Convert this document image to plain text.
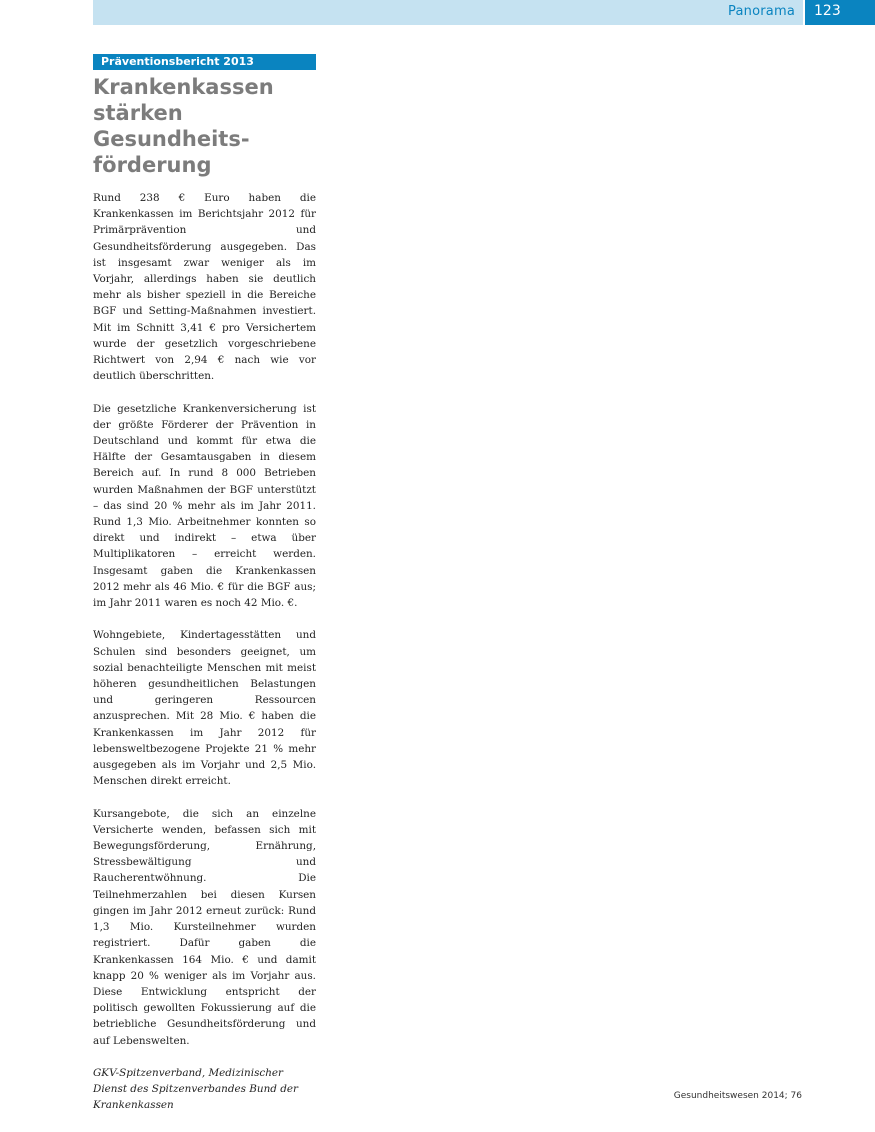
Panorama 123
Präventionsbericht 2013
Krankenkassen
stärken Gesundheits-
förderung

Rund 238 € Euro haben die Krankenkassen im Berichtsjahr 2012 für Primärprävention und Gesundheitsförderung ausgegeben. Das ist insgesamt zwar weniger als im Vorjahr, allerdings haben sie deutlich mehr als bisher speziell in die Bereiche BGF und Setting-Maßnahmen investiert. Mit im Schnitt 3,41 € pro Versichertem wurde der gesetzlich vorgeschriebene Richtwert von 2,94 € nach wie vor deutlich überschritten.

Die gesetzliche Krankenversicherung ist der größte Förderer der Prävention in Deutschland und kommt für etwa die Hälfte der Gesamtausgaben in diesem Bereich auf. In rund 8 000 Betrieben wurden Maßnahmen der BGF unterstützt – das sind 20 % mehr als im Jahr 2011. Rund 1,3 Mio. Arbeitnehmer konnten so direkt und indirekt – etwa über Multiplikatoren – erreicht werden. Insgesamt gaben die Krankenkassen 2012 mehr als 46 Mio. € für die BGF aus; im Jahr 2011 waren es noch 42 Mio. €.

Wohngebiete, Kindertagesstätten und Schulen sind besonders geeignet, um sozial benachteiligte Menschen mit meist höheren gesundheitlichen Belastungen und geringeren Ressourcen anzusprechen. Mit 28 Mio. € haben die Krankenkassen im Jahr 2012 für lebensweltbezogene Projekte 21 % mehr ausgegeben als im Vorjahr und 2,5 Mio. Menschen direkt erreicht.

Kursangebote, die sich an einzelne Versicherte wenden, befassen sich mit Bewegungsförderung, Ernährung, Stressbewältigung und Raucherentwöhnung. Die Teilnehmerzahlen bei diesen Kursen gingen im Jahr 2012 erneut zurück: Rund 1,3 Mio. Kursteilnehmer wurden registriert. Dafür gaben die Krankenkassen 164 Mio. € und damit knapp 20 % weniger als im Vorjahr aus. Diese Entwicklung entspricht der politisch gewollten Fokussierung auf die betriebliche Gesundheitsförderung und auf Lebenswelten.

GKV-Spitzenverband, Medizinischer
Dienst des Spitzenverbandes Bund der
Krankenkassen
Gesundheitswesen 2014; 76
